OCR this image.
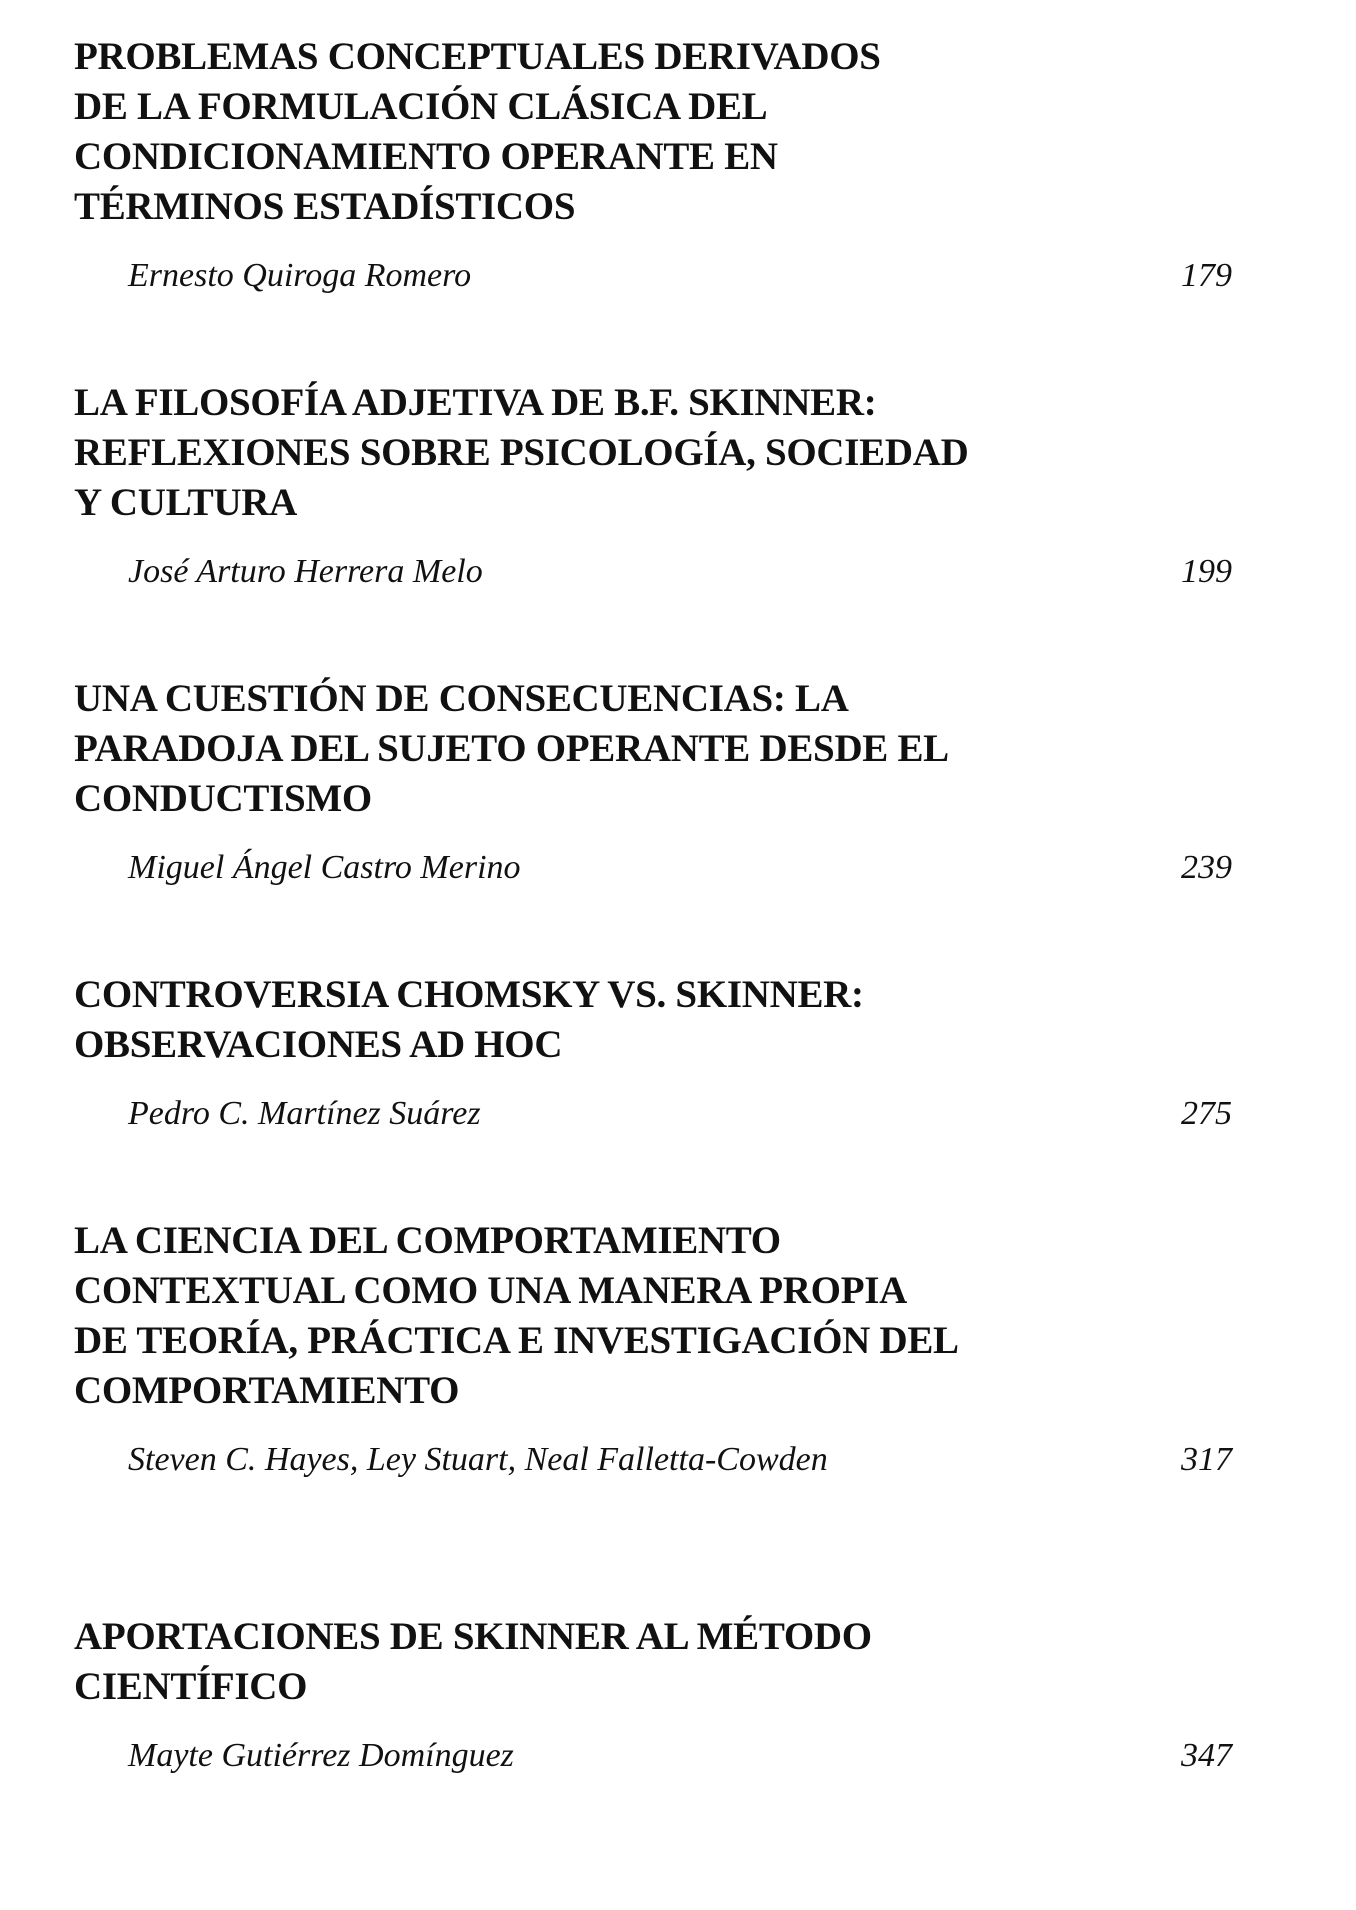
PROBLEMAS CONCEPTUALES DERIVADOS
DE LA FORMULACIÓN CLÁSICA DEL
CONDICIONAMIENTO OPERANTE EN
TÉRMINOS ESTADÍSTICOS
Ernesto Quiroga Romero	179
LA FILOSOFÍA ADJETIVA DE B.F. SKINNER:
REFLEXIONES SOBRE PSICOLOGÍA, SOCIEDAD
Y CULTURA
José Arturo Herrera Melo	199
UNA CUESTIÓN DE CONSECUENCIAS: LA
PARADOJA DEL SUJETO OPERANTE DESDE EL
CONDUCTISMO
Miguel Ángel Castro Merino	239
CONTROVERSIA CHOMSKY VS. SKINNER:
OBSERVACIONES AD HOC
Pedro C. Martínez Suárez	275
LA CIENCIA DEL COMPORTAMIENTO
CONTEXTUAL COMO UNA MANERA PROPIA
DE TEORÍA, PRÁCTICA E INVESTIGACIÓN DEL
COMPORTAMIENTO
Steven C. Hayes, Ley Stuart, Neal Falletta-Cowden	317
APORTACIONES DE SKINNER AL MÉTODO
CIENTÍFICO
Mayte Gutiérrez Domínguez	347
